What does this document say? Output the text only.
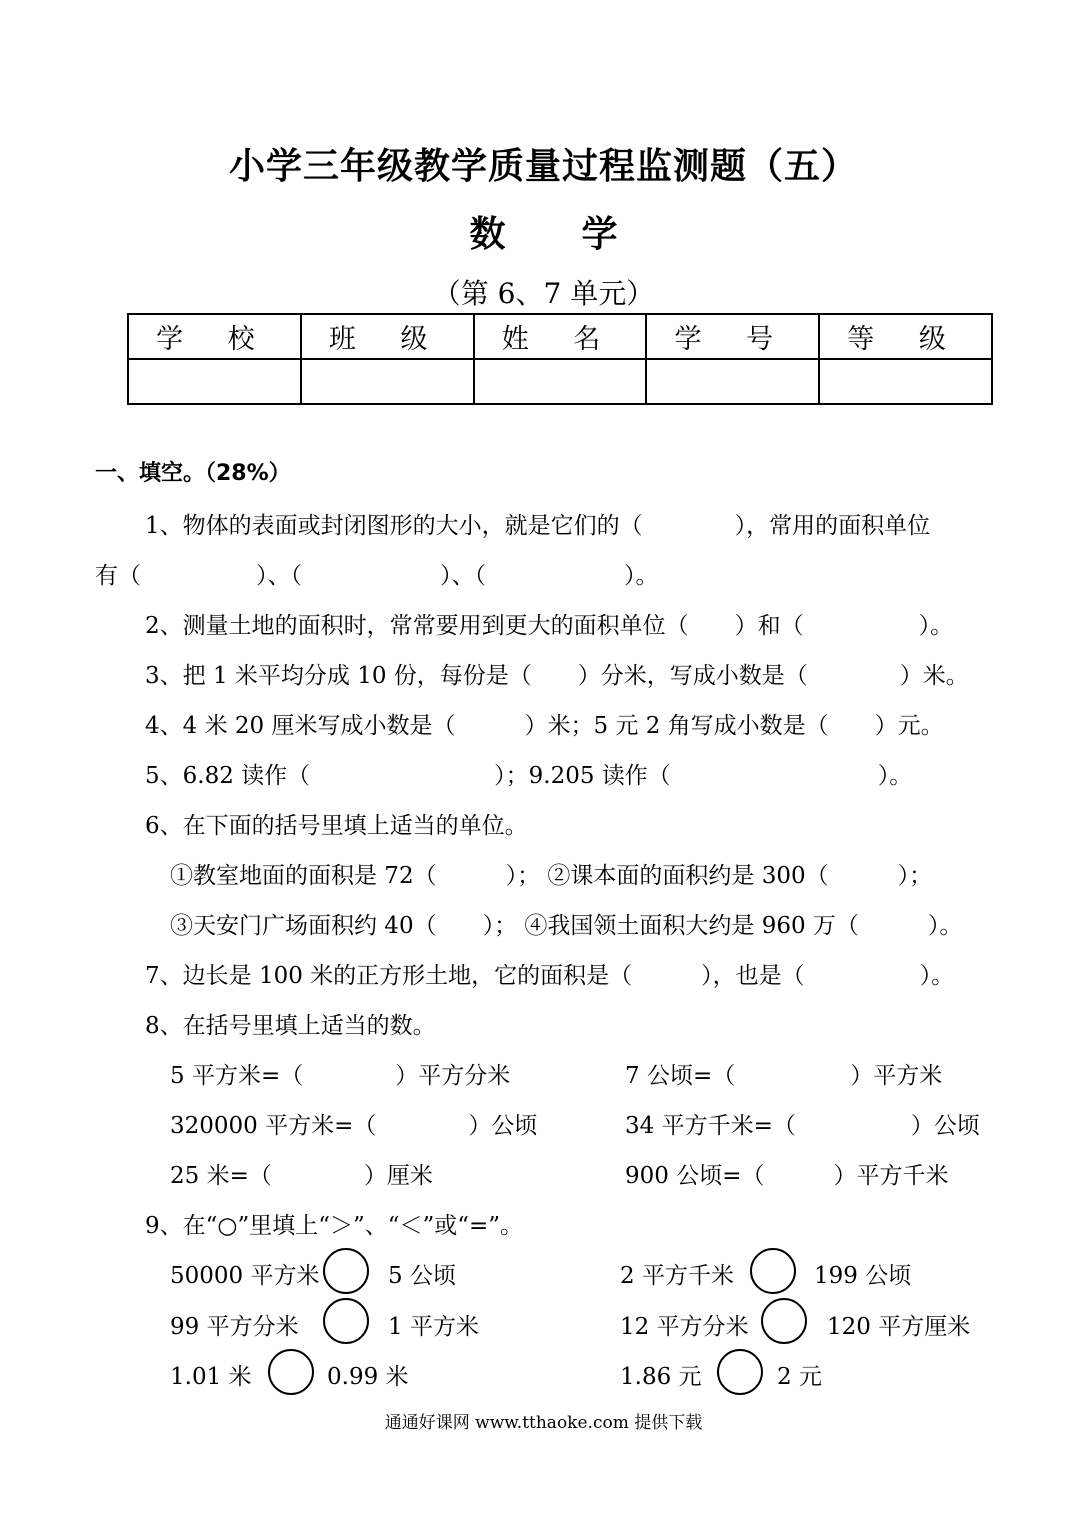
小学三年级教学质量过程监测题（五）
数 学
（第 6、7 单元）
学 校	班 级	姓 名	学 号	等 级

一、填空。（28%）
1、物体的表面或封闭图形的大小，就是它们的（　　　　），常用的面积单位
有（　　　　　）、（　　　　　　）、（　　　　　　）。
2、测量土地的面积时，常常要用到更大的面积单位（　　）和（　　　　　）。
3、把 1 米平均分成 10 份，每份是（　　）分米，写成小数是（　　　　）米。
4、4 米 20 厘米写成小数是（　　　）米；5 元 2 角写成小数是（　　）元。
5、6.82 读作（　　　　　　　　）；9.205 读作（　　　　　　　　　）。
6、在下面的括号里填上适当的单位。
①教室地面的面积是 72（　　　）； ②课本面的面积约是 300（　　　）；
③天安门广场面积约 40（　　）； ④我国领土面积大约是 960 万（　　　）。
7、边长是 100 米的正方形土地，它的面积是（　　　），也是（　　　　　）。
8、在括号里填上适当的数。
5 平方米=（　　　　）平方分米	7 公顷=（　　　　　）平方米
320000 平方米=（　　　　）公顷	34 平方千米=（　　　　　）公顷
25 米=（　　　　）厘米	900 公顷=（　　　）平方千米
9、在“○”里填上“＞”、“＜”或“=”。
50000 平方米	5 公顷	2 平方千米	199 公顷
99 平方分米	1 平方米	12 平方分米	120 平方厘米
1.01 米	0.99 米	1.86 元	2 元
通通好课网 www.tthaoke.com 提供下载
